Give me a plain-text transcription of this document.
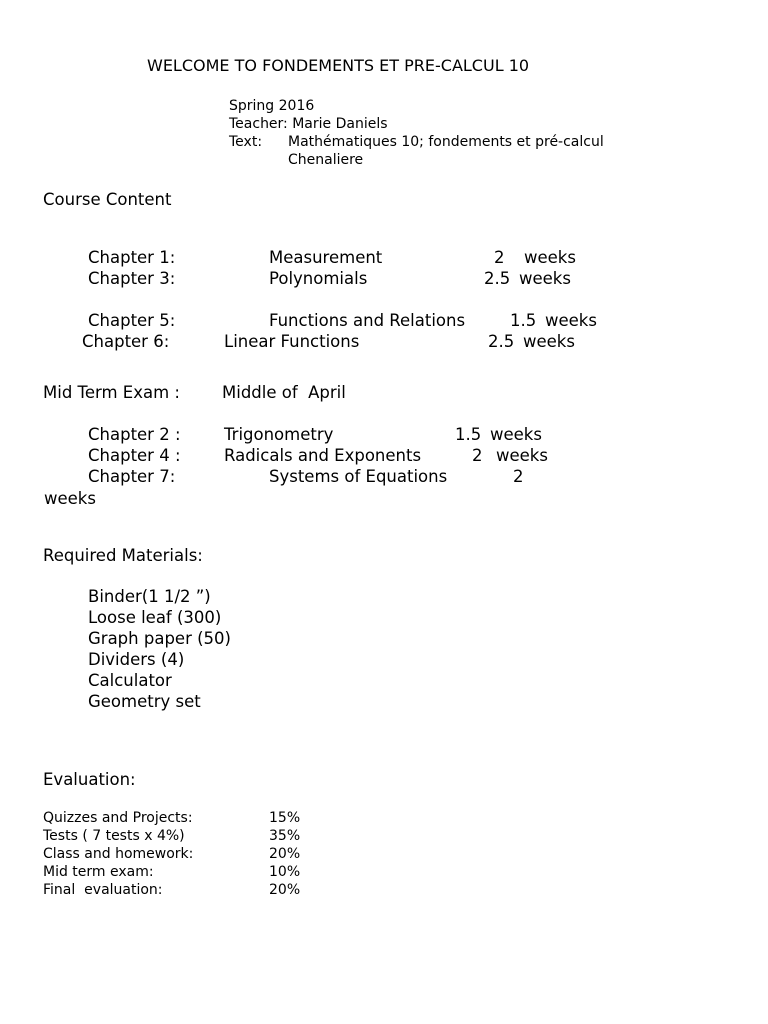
WELCOME TO FONDEMENTS ET PRE-CALCUL 10
Spring 2016
Teacher: Marie Daniels
Text: Mathématiques 10; fondements et pré-calcul
Chenaliere
Course Content
Chapter 1:	Measurement	2 weeks
Chapter 3:	Polynomials	2.5 weeks
Chapter 5:	Functions and Relations	1.5 weeks
Chapter 6:	Linear Functions	2.5 weeks
Mid Term Exam :	Middle of  April
Chapter 2 :	Trigonometry	1.5 weeks
Chapter 4 :	Radicals and Exponents	2 weeks
Chapter 7:	Systems of Equations	2
weeks
Required Materials:
Binder(1 1/2 ”)
Loose leaf (300)
Graph paper (50)
Dividers (4)
Calculator
Geometry set
Evaluation:
Quizzes and Projects:	15%
Tests ( 7 tests x 4%)	35%
Class and homework:	20%
Mid term exam:	10%
Final  evaluation:	20%
